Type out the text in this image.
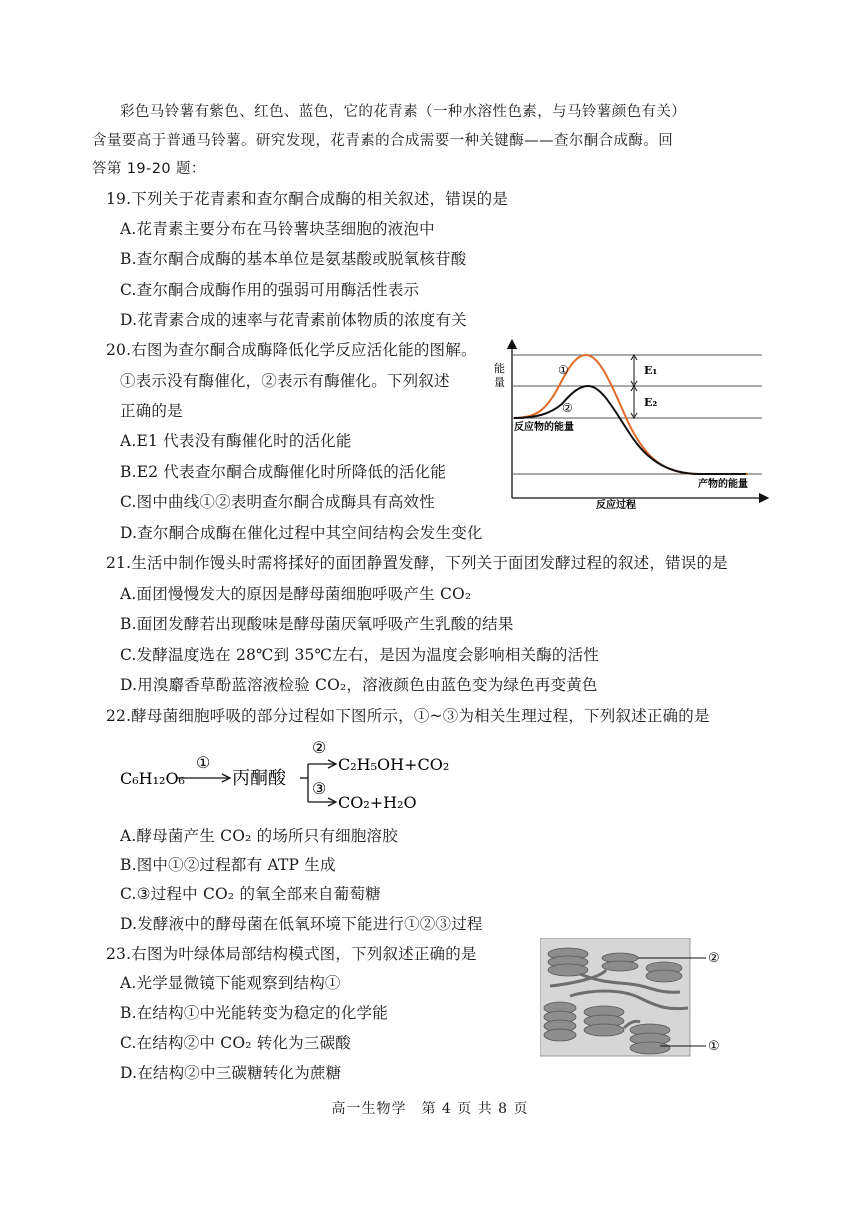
彩色马铃薯有紫色、红色、蓝色，它的花青素（一种水溶性色素，与马铃薯颜色有关）
含量要高于普通马铃薯。研究发现，花青素的合成需要一种关键酶——查尔酮合成酶。回
答第 19-20 题：
19.下列关于花青素和查尔酮合成酶的相关叙述，错误的是
A.花青素主要分布在马铃薯块茎细胞的液泡中
B.查尔酮合成酶的基本单位是氨基酸或脱氧核苷酸
C.查尔酮合成酶作用的强弱可用酶活性表示
D.花青素合成的速率与花青素前体物质的浓度有关
20.右图为查尔酮合成酶降低化学反应活化能的图解。
①表示没有酶催化，②表示有酶催化。下列叙述
正确的是
A.E1 代表没有酶催化时的活化能
B.E2 代表查尔酮合成酶催化时所降低的活化能
C.图中曲线①②表明查尔酮合成酶具有高效性
D.查尔酮合成酶在催化过程中其空间结构会发生变化
能
量
E₁
E₂
①
②
反应物的能量
产物的能量
反应过程
21.生活中制作馒头时需将揉好的面团静置发酵，下列关于面团发酵过程的叙述，错误的是
A.面团慢慢发大的原因是酵母菌细胞呼吸产生 CO₂
B.面团发酵若出现酸味是酵母菌厌氧呼吸产生乳酸的结果
C.发酵温度选在 28℃到 35℃左右，是因为温度会影响相关酶的活性
D.用溴麝香草酚蓝溶液检验 CO₂，溶液颜色由蓝色变为绿色再变黄色
22.酵母菌细胞呼吸的部分过程如下图所示，①~③为相关生理过程，下列叙述正确的是
C₆H₁₂O₆
①
丙酮酸
②
C₂H₅OH+CO₂
③
CO₂+H₂O
A.酵母菌产生 CO₂ 的场所只有细胞溶胶
B.图中①②过程都有 ATP 生成
C.③过程中 CO₂ 的氧全部来自葡萄糖
D.发酵液中的酵母菌在低氧环境下能进行①②③过程
23.右图为叶绿体局部结构模式图，下列叙述正确的是
A.光学显微镜下能观察到结构①
B.在结构①中光能转变为稳定的化学能
C.在结构②中 CO₂ 转化为三碳酸
D.在结构②中三碳糖转化为蔗糖
②
①
高一生物学　第 4 页 共 8 页
